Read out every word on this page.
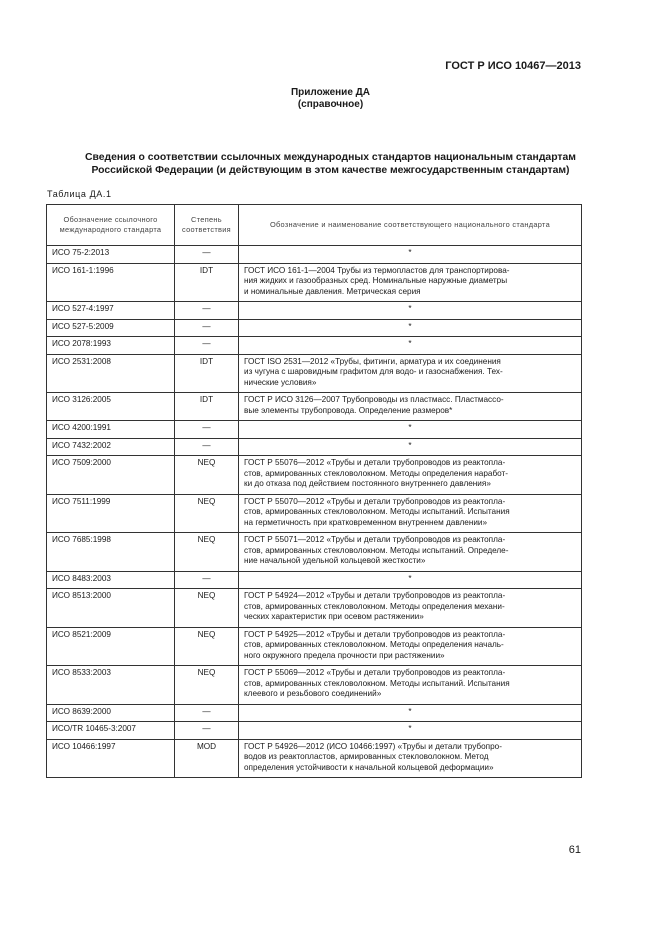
ГОСТ Р ИСО 10467—2013
Приложение ДА
(справочное)
Сведения о соответствии ссылочных международных стандартов национальным стандартам
Российской Федерации (и действующим в этом качестве межгосударственным стандартам)
Таблица ДА.1
Обозначение ссылочного международного стандарта	Степень соответствия	Обозначение и наименование соответствующего национального стандарта
ИСО 75-2:2013	—	*

ИСО 161-1:1996	IDT	ГОСТ ИСО 161-1—2004 Трубы из термопластов для транспортирова-
ния жидких и газообразных сред. Номинальные наружные диаметры
и номинальные давления. Метрическая серия

ИСО 527-4:1997	—	*

ИСО 527-5:2009	—	*

ИСО 2078:1993	—	*

ИСО 2531:2008	IDT	ГОСТ ISO 2531—2012 «Трубы, фитинги, арматура и их соединения
из чугуна с шаровидным графитом для водо- и газоснабжения. Тех-
нические условия»

ИСО 3126:2005	IDT	ГОСТ Р ИСО 3126—2007 Трубопроводы из пластмасс. Пластмассо-
вые элементы трубопровода. Определение размеров*

ИСО 4200:1991	—	*

ИСО 7432:2002	—	*

ИСО 7509:2000	NEQ	ГОСТ Р 55076—2012 «Трубы и детали трубопроводов из реактопла-
стов, армированных стекловолокном. Методы определения наработ-
ки до отказа под действием постоянного внутреннего давления»

ИСО 7511:1999	NEQ	ГОСТ Р 55070—2012 «Трубы и детали трубопроводов из реактопла-
стов, армированных стекловолокном. Методы испытаний. Испытания
на герметичность при кратковременном внутреннем давлении»

ИСО 7685:1998	NEQ	ГОСТ Р 55071—2012 «Трубы и детали трубопроводов из реактопла-
стов, армированных стекловолокном. Методы испытаний. Определе-
ние начальной удельной кольцевой жесткости»

ИСО 8483:2003	—	*

ИСО 8513:2000	NEQ	ГОСТ Р 54924—2012 «Трубы и детали трубопроводов из реактопла-
стов, армированных стекловолокном. Методы определения механи-
ческих характеристик при осевом растяжении»

ИСО 8521:2009	NEQ	ГОСТ Р 54925—2012 «Трубы и детали трубопроводов из реактопла-
стов, армированных стекловолокном. Методы определения началь-
ного окружного предела прочности при растяжении»

ИСО 8533:2003	NEQ	ГОСТ Р 55069—2012 «Трубы и детали трубопроводов из реактопла-
стов, армированных стекловолокном. Методы испытаний. Испытания
клеевого и резьбового соединений»

ИСО 8639:2000	—	*

ИСО/TR 10465-3:2007	—	*

ИСО 10466:1997	MOD	ГОСТ Р 54926—2012 (ИСО 10466:1997) «Трубы и детали трубопро-
водов из реактопластов, армированных стекловолокном. Метод
определения устойчивости к начальной кольцевой деформации»
61
